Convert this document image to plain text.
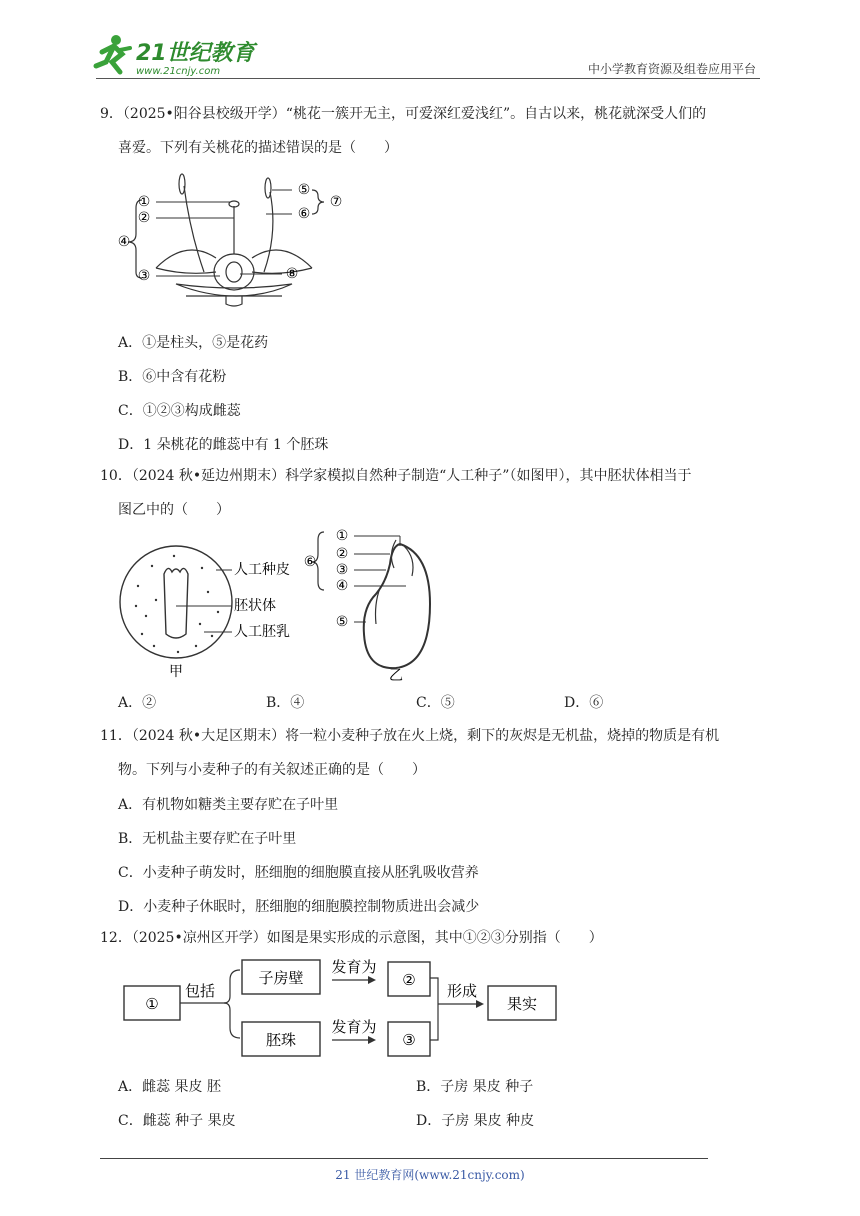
21世纪教育
www.21cnjy.com	中小学教育资源及组卷应用平台
9．（2025•阳谷县校级开学）“桃花一簇开无主，可爱深红爱浅红”。自古以来，桃花就深受人们的
喜爱。下列有关桃花的描述错误的是（　　）
①
②
③
④
⑤
⑥
⑦
⑧
A．①是柱头，⑤是花药
B．⑥中含有花粉
C．①②③构成雌蕊
D．1 朵桃花的雌蕊中有 1 个胚珠
10．（2024 秋•延边州期末）科学家模拟自然种子制造“人工种子”（如图甲），其中胚状体相当于
图乙中的（　　）
人工种皮
胚状体
人工胚乳
甲
①
②
③
④
⑤
⑥
乙
A．②	B．④	C．⑤	D．⑥
11．（2024 秋•大足区期末）将一粒小麦种子放在火上烧，剩下的灰烬是无机盐，烧掉的物质是有机
物。下列与小麦种子的有关叙述正确的是（　　）
A．有机物如糖类主要存贮在子叶里
B．无机盐主要存贮在子叶里
C．小麦种子萌发时，胚细胞的细胞膜直接从胚乳吸收营养
D．小麦种子休眠时，胚细胞的细胞膜控制物质进出会减少
12．（2025•凉州区开学）如图是果实形成的示意图，其中①②③分别指（　　）
①
包括
子房壁
胚珠
发育为
发育为
②
③
形成
果实
A．雌蕊 果皮 胚	B．子房 果皮 种子
C．雌蕊 种子 果皮	D．子房 果皮 种皮
21 世纪教育网(www.21cnjy.com)
